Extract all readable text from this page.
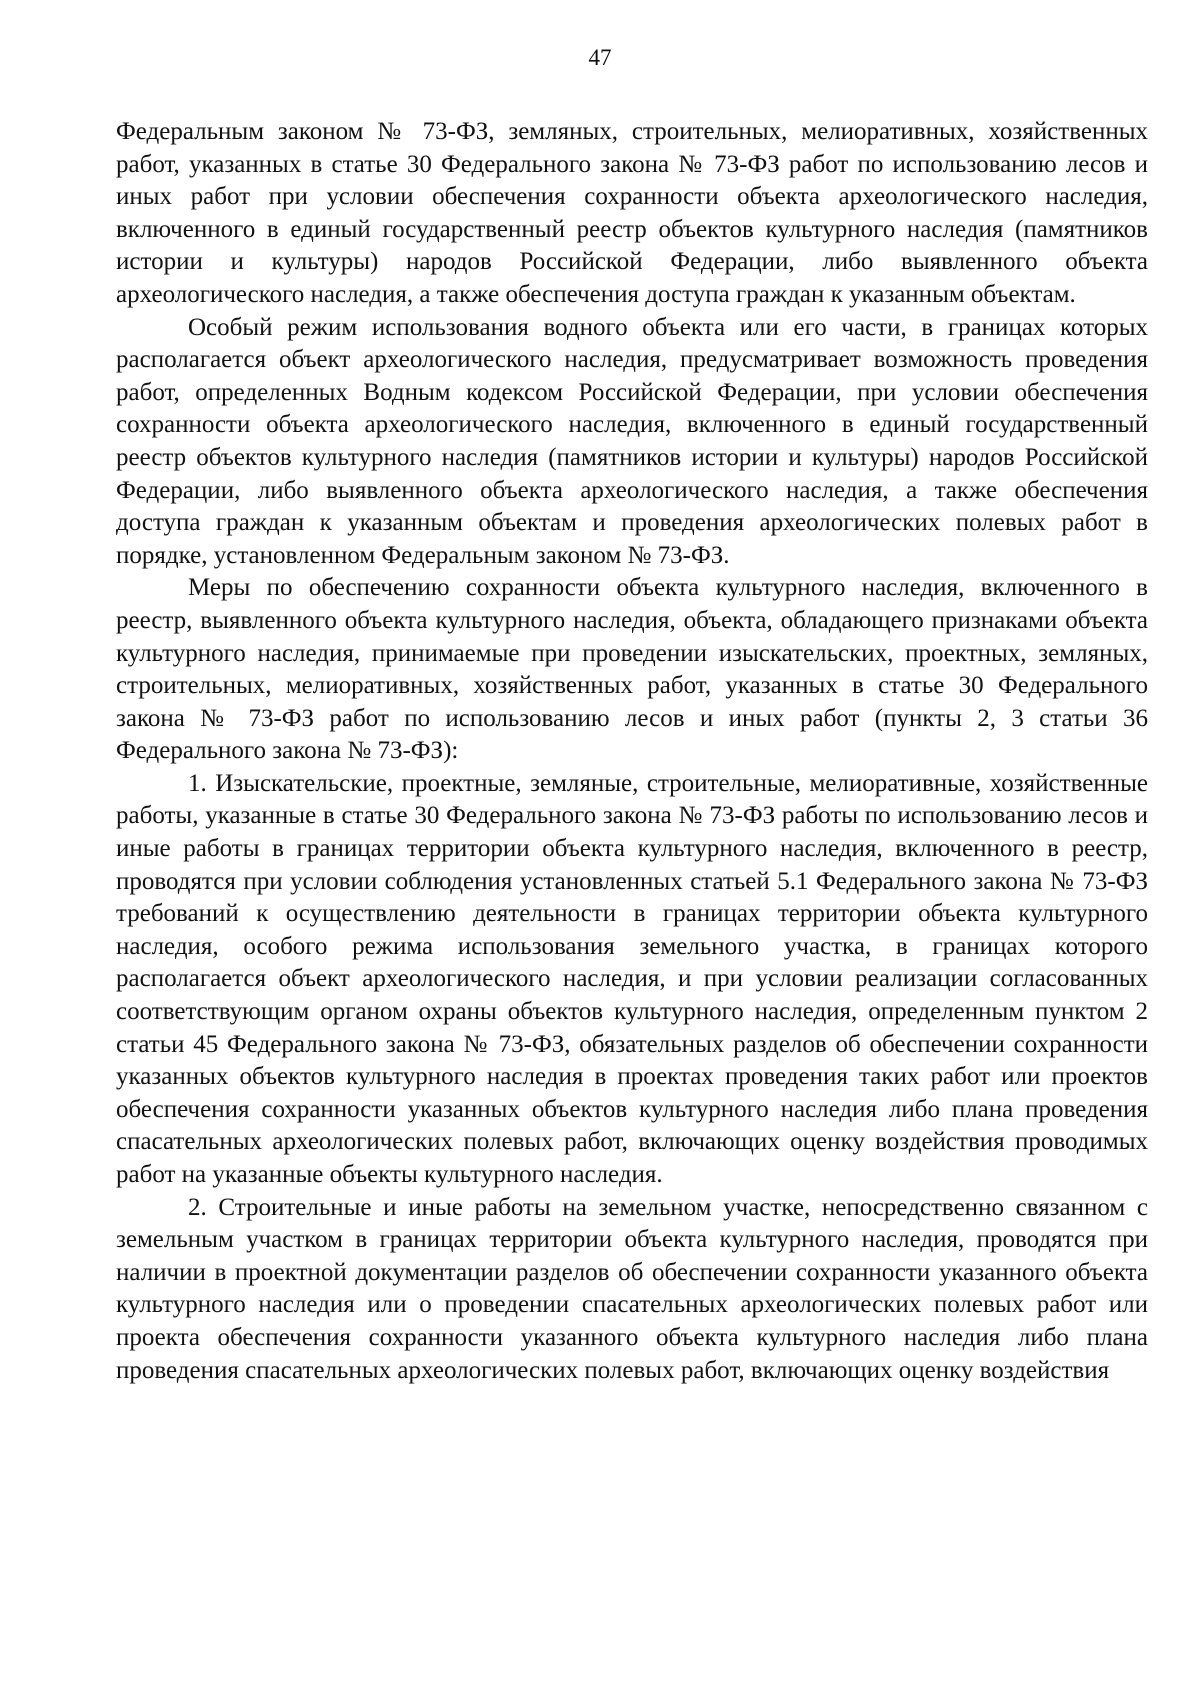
47

Федеральным законом № 73-ФЗ, земляных, строительных, мелиоративных, хозяйственных работ, указанных в статье 30 Федерального закона № 73-ФЗ работ по использованию лесов и иных работ при условии обеспечения сохранности объекта археологического наследия, включенного в единый государственный реестр объектов культурного наследия (памятников истории и культуры) народов Российской Федерации, либо выявленного объекта археологического наследия, а также обеспечения доступа граждан к указанным объектам.

Особый режим использования водного объекта или его части, в границах которых располагается объект археологического наследия, предусматривает возможность проведения работ, определенных Водным кодексом Российской Федерации, при условии обеспечения сохранности объекта археологического наследия, включенного в единый государственный реестр объектов культурного наследия (памятников истории и культуры) народов Российской Федерации, либо выявленного объекта археологического наследия, а также обеспечения доступа граждан к указанным объектам и проведения археологических полевых работ в порядке, установленном Федеральным законом № 73-ФЗ.

Меры по обеспечению сохранности объекта культурного наследия, включенного в реестр, выявленного объекта культурного наследия, объекта, обладающего признаками объекта культурного наследия, принимаемые при проведении изыскательских, проектных, земляных, строительных, мелиоративных, хозяйственных работ, указанных в статье 30 Федерального закона № 73-ФЗ работ по использованию лесов и иных работ (пункты 2, 3 статьи 36 Федерального закона № 73-ФЗ):

1. Изыскательские, проектные, земляные, строительные, мелиоративные, хозяйственные работы, указанные в статье 30 Федерального закона № 73-ФЗ работы по использованию лесов и иные работы в границах территории объекта культурного наследия, включенного в реестр, проводятся при условии соблюдения установленных статьей 5.1 Федерального закона № 73-ФЗ требований к осуществлению деятельности в границах территории объекта культурного наследия, особого режима использования земельного участка, в границах которого располагается объект археологического наследия, и при условии реализации согласованных соответствующим органом охраны объектов культурного наследия, определенным пунктом 2 статьи 45 Федерального закона № 73-ФЗ, обязательных разделов об обеспечении сохранности указанных объектов культурного наследия в проектах проведения таких работ или проектов обеспечения сохранности указанных объектов культурного наследия либо плана проведения спасательных археологических полевых работ, включающих оценку воздействия проводимых работ на указанные объекты культурного наследия.

2. Строительные и иные работы на земельном участке, непосредственно связанном с земельным участком в границах территории объекта культурного наследия, проводятся при наличии в проектной документации разделов об обеспечении сохранности указанного объекта культурного наследия или о проведении спасательных археологических полевых работ или проекта обеспечения сохранности указанного объекта культурного наследия либо плана проведения спасательных археологических полевых работ, включающих оценку воздействия
